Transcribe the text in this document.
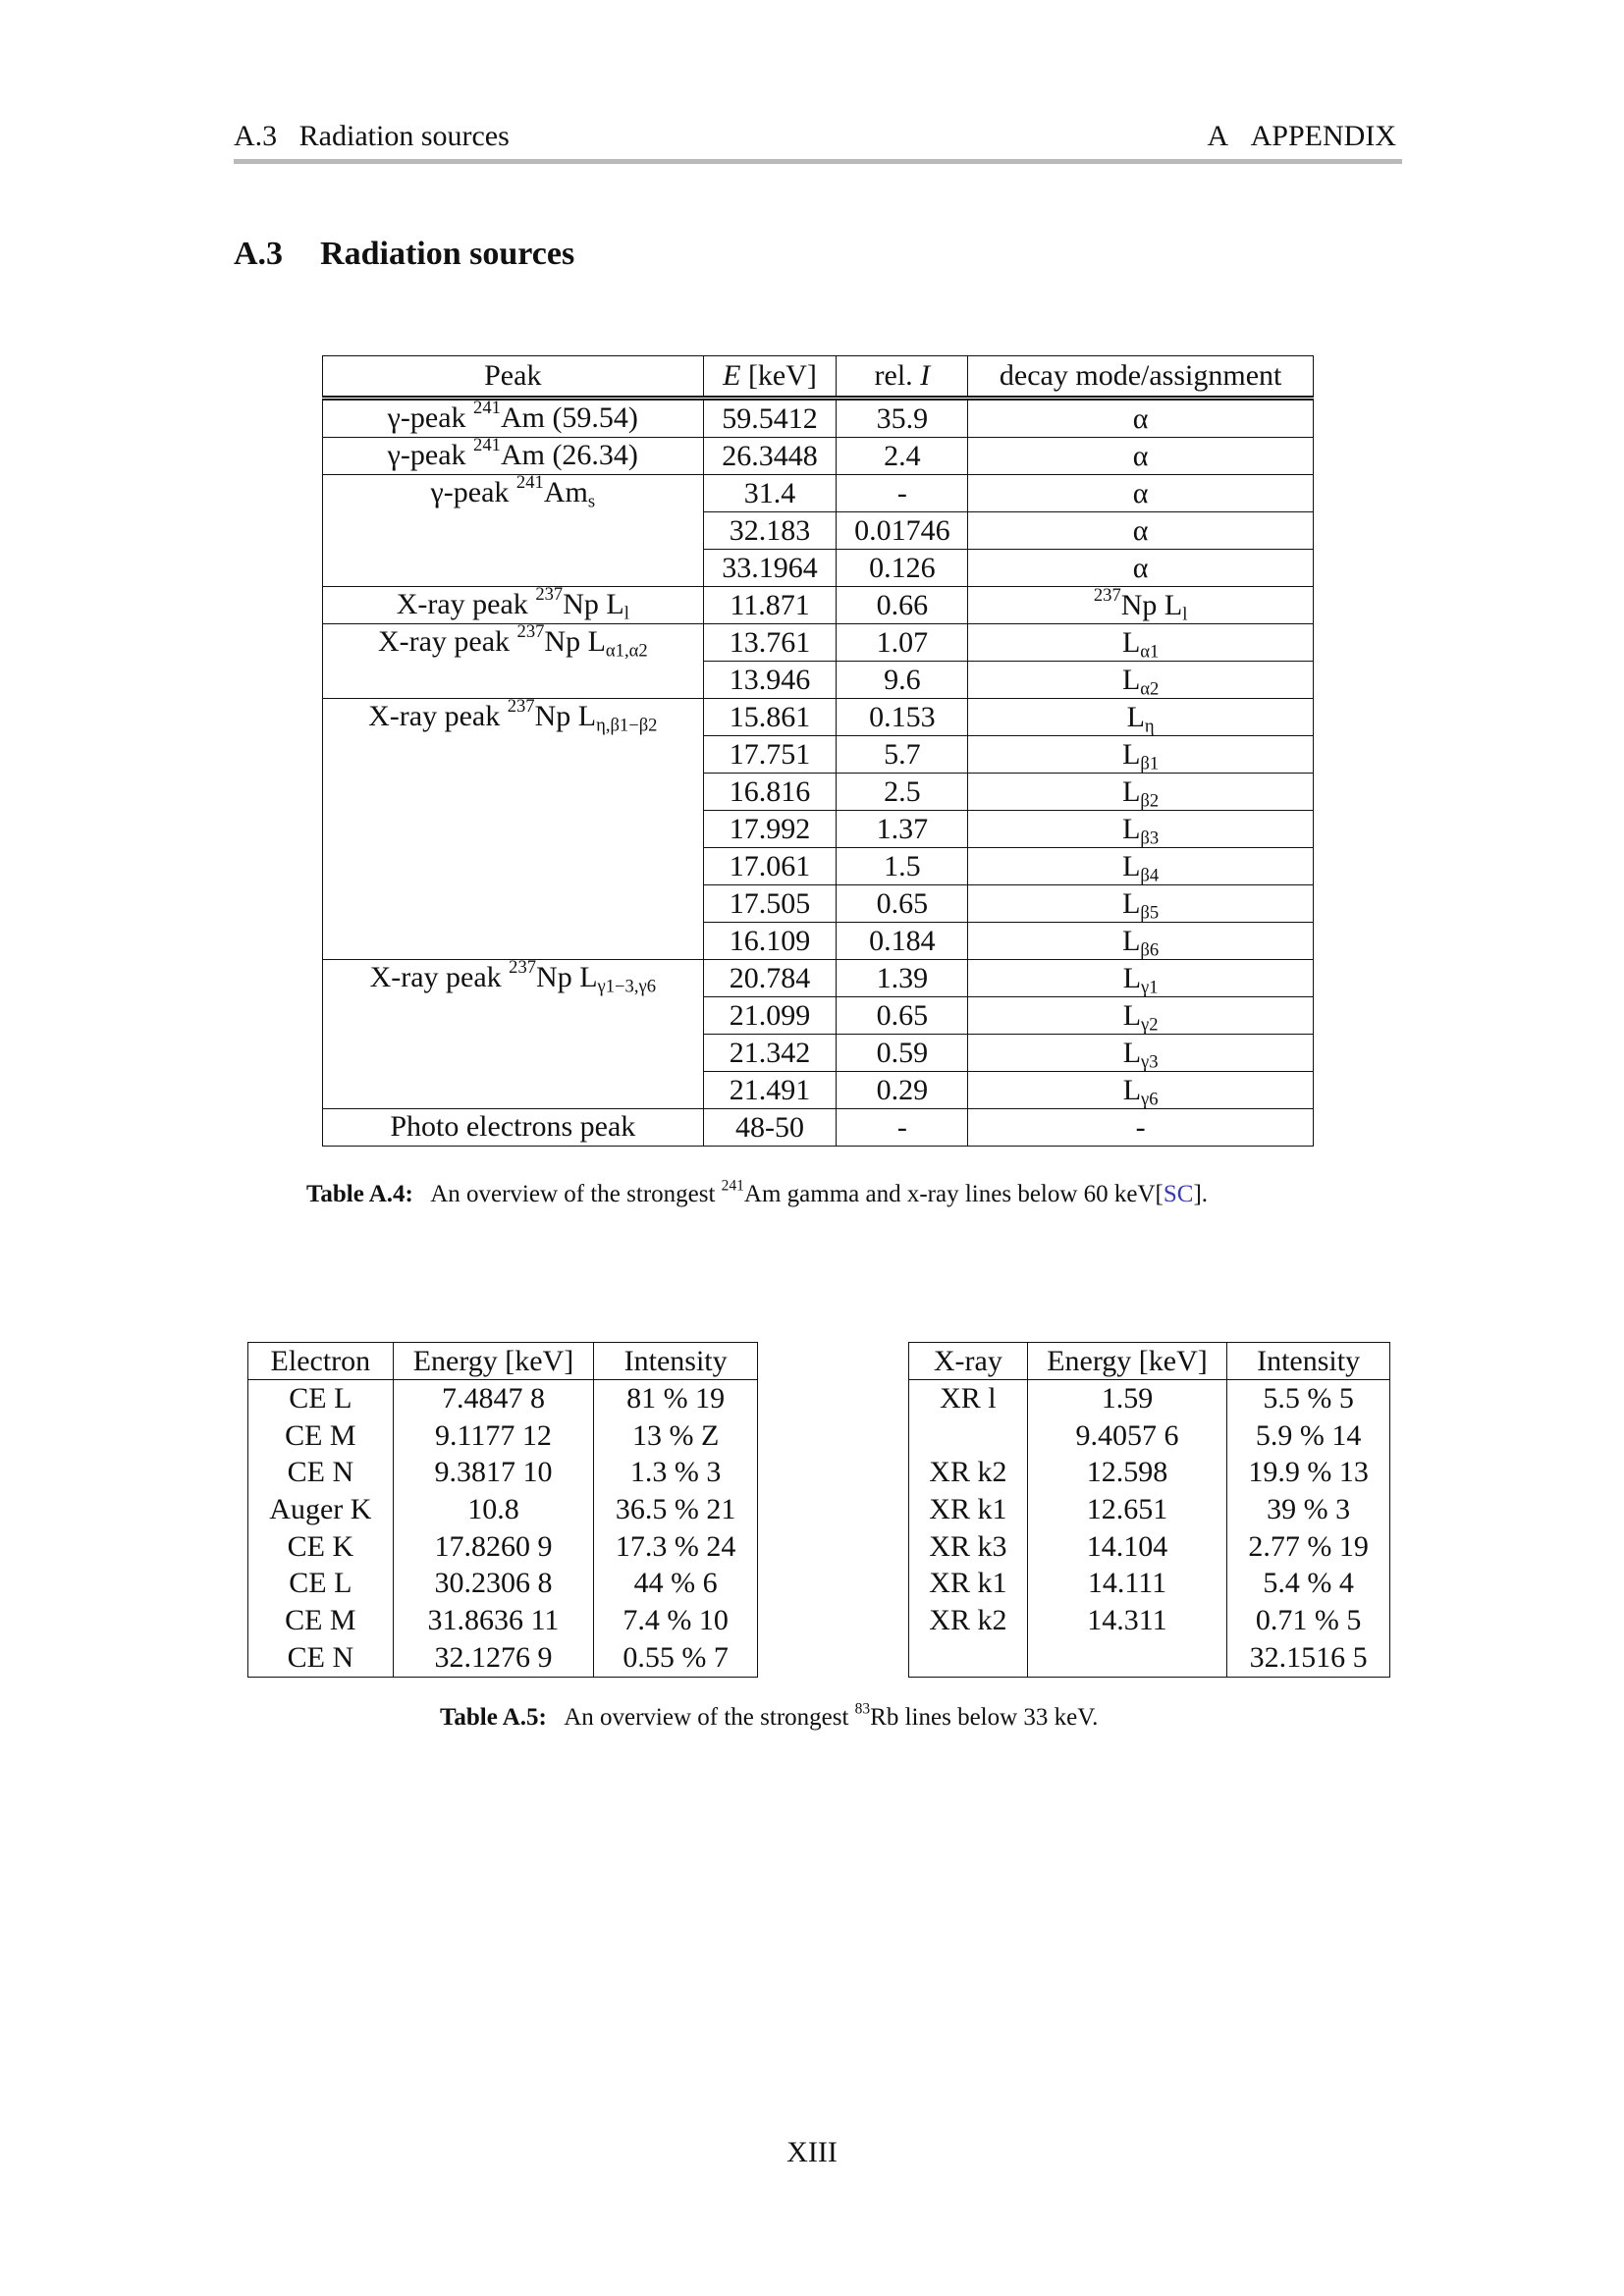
A.3 Radiation sources	A APPENDIX
A.3 Radiation sources
Peak	E [keV]	rel. I	decay mode/assignment
γ-peak $^{241}$Am (59.54)	59.5412	35.9	α
γ-peak $^{241}$Am (26.34)	26.3448	2.4	α
γ-peak $^{241}Am_s$	31.4	-	α
	32.183	0.01746	α
	33.1964	0.126	α
X-ray peak $^{237}$Np $L_l$	11.871	0.66	$^{237}$Np $L_l$
X-ray peak $^{237}$Np $L_{\alpha 1,\alpha 2}$	13.761	1.07	$L_{\alpha 1}$
	13.946	9.6	$L_{\alpha 2}$
X-ray peak $^{237}$Np $L_{\eta,\beta 1-\beta 2}$	15.861	0.153	$L_\eta$
	17.751	5.7	$L_{\beta 1}$
	16.816	2.5	$L_{\beta 2}$
	17.992	1.37	$L_{\beta 3}$
	17.061	1.5	$L_{\beta 4}$
	17.505	0.65	$L_{\beta 5}$
	16.109	0.184	$L_{\beta 6}$
X-ray peak $^{237}$Np $L_{\gamma 1-3,\gamma 6}$	20.784	1.39	$L_{\gamma 1}$
	21.099	0.65	$L_{\gamma 2}$
	21.342	0.59	$L_{\gamma 3}$
	21.491	0.29	$L_{\gamma 6}$
Photo electrons peak	48-50	-	-
Table A.4: An overview of the strongest $^{241}$Am gamma and x-ray lines below 60 keV[SC].
Electron	Energy [keV]	Intensity
CE L	7.4847 8	81 % 19
CE M	9.1177 12	13 % Z
CE N	9.3817 10	1.3 % 3
Auger K	10.8	36.5 % 21
CE K	17.8260 9	17.3 % 24
CE L	30.2306 8	44 % 6
CE M	31.8636 11	7.4 % 10
CE N	32.1276 9	0.55 % 7
X-ray	Energy [keV]	Intensity
XR l	1.59	5.5 % 5
	9.4057 6	5.9 % 14
XR k2	12.598	19.9 % 13
XR k1	12.651	39 % 3
XR k3	14.104	2.77 % 19
XR k1	14.111	5.4 % 4
XR k2	14.311	0.71 % 5
		32.1516 5
Table A.5: An overview of the strongest $^{83}$Rb lines below 33 keV.
XIII
